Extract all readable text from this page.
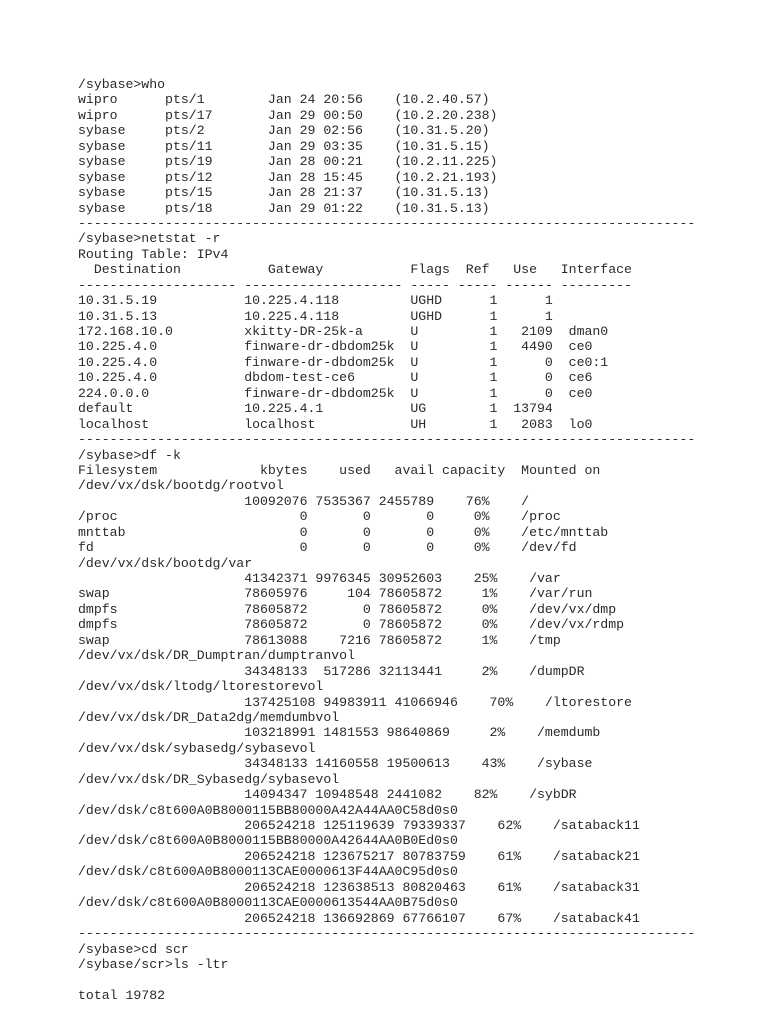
/sybase>who
wipro      pts/1        Jan 24 20:56    (10.2.40.57)
wipro      pts/17       Jan 29 00:50    (10.2.20.238)
sybase     pts/2        Jan 29 02:56    (10.31.5.20)
sybase     pts/11       Jan 29 03:35    (10.31.5.15)
sybase     pts/19       Jan 28 00:21    (10.2.11.225)
sybase     pts/12       Jan 28 15:45    (10.2.21.193)
sybase     pts/15       Jan 28 21:37    (10.31.5.13)
sybase     pts/18       Jan 29 01:22    (10.31.5.13)
------------------------------------------------------------------------------
/sybase>netstat -r
Routing Table: IPv4
Destination           Gateway           Flags  Ref   Use   Interface
-------------------- -------------------- ----- ----- ------ ---------
10.31.5.19           10.225.4.118         UGHD      1      1
10.31.5.13           10.225.4.118         UGHD      1      1
172.168.10.0         xkitty-DR-25k-a      U         1   2109  dman0
10.225.4.0           finware-dr-dbdom25k  U         1   4490  ce0
10.225.4.0           finware-dr-dbdom25k  U         1      0  ce0:1
10.225.4.0           dbdom-test-ce6       U         1      0  ce6
224.0.0.0            finware-dr-dbdom25k  U         1      0  ce0
default              10.225.4.1           UG        1  13794
localhost            localhost            UH        1   2083  lo0
------------------------------------------------------------------------------
/sybase>df -k
Filesystem             kbytes    used   avail capacity  Mounted on
/dev/vx/dsk/bootdg/rootvol
10092076 7535367 2455789    76%    /
/proc                       0       0       0     0%    /proc
mnttab                      0       0       0     0%    /etc/mnttab
fd                          0       0       0     0%    /dev/fd
/dev/vx/dsk/bootdg/var
41342371 9976345 30952603    25%    /var
swap                 78605976     104 78605872     1%    /var/run
dmpfs                78605872       0 78605872     0%    /dev/vx/dmp
dmpfs                78605872       0 78605872     0%    /dev/vx/rdmp
swap                 78613088    7216 78605872     1%    /tmp
/dev/vx/dsk/DR_Dumptran/dumptranvol
34348133  517286 32113441     2%    /dumpDR
/dev/vx/dsk/ltodg/ltorestorevol
137425108 94983911 41066946    70%    /ltorestore
/dev/vx/dsk/DR_Data2dg/memdumbvol
103218991 1481553 98640869     2%    /memdumb
/dev/vx/dsk/sybasedg/sybasevol
34348133 14160558 19500613    43%    /sybase
/dev/vx/dsk/DR_Sybasedg/sybasevol
14094347 10948548 2441082    82%    /sybDR
/dev/dsk/c8t600A0B8000115BB80000A42A44AA0C58d0s0
206524218 125119639 79339337    62%    /sataback11
/dev/dsk/c8t600A0B8000115BB80000A42644AA0B0Ed0s0
206524218 123675217 80783759    61%    /sataback21
/dev/dsk/c8t600A0B8000113CAE0000613F44AA0C95d0s0
206524218 123638513 80820463    61%    /sataback31
/dev/dsk/c8t600A0B8000113CAE0000613544AA0B75d0s0
206524218 136692869 67766107    67%    /sataback41
------------------------------------------------------------------------------
/sybase>cd scr
/sybase/scr>ls -ltr
total 19782
